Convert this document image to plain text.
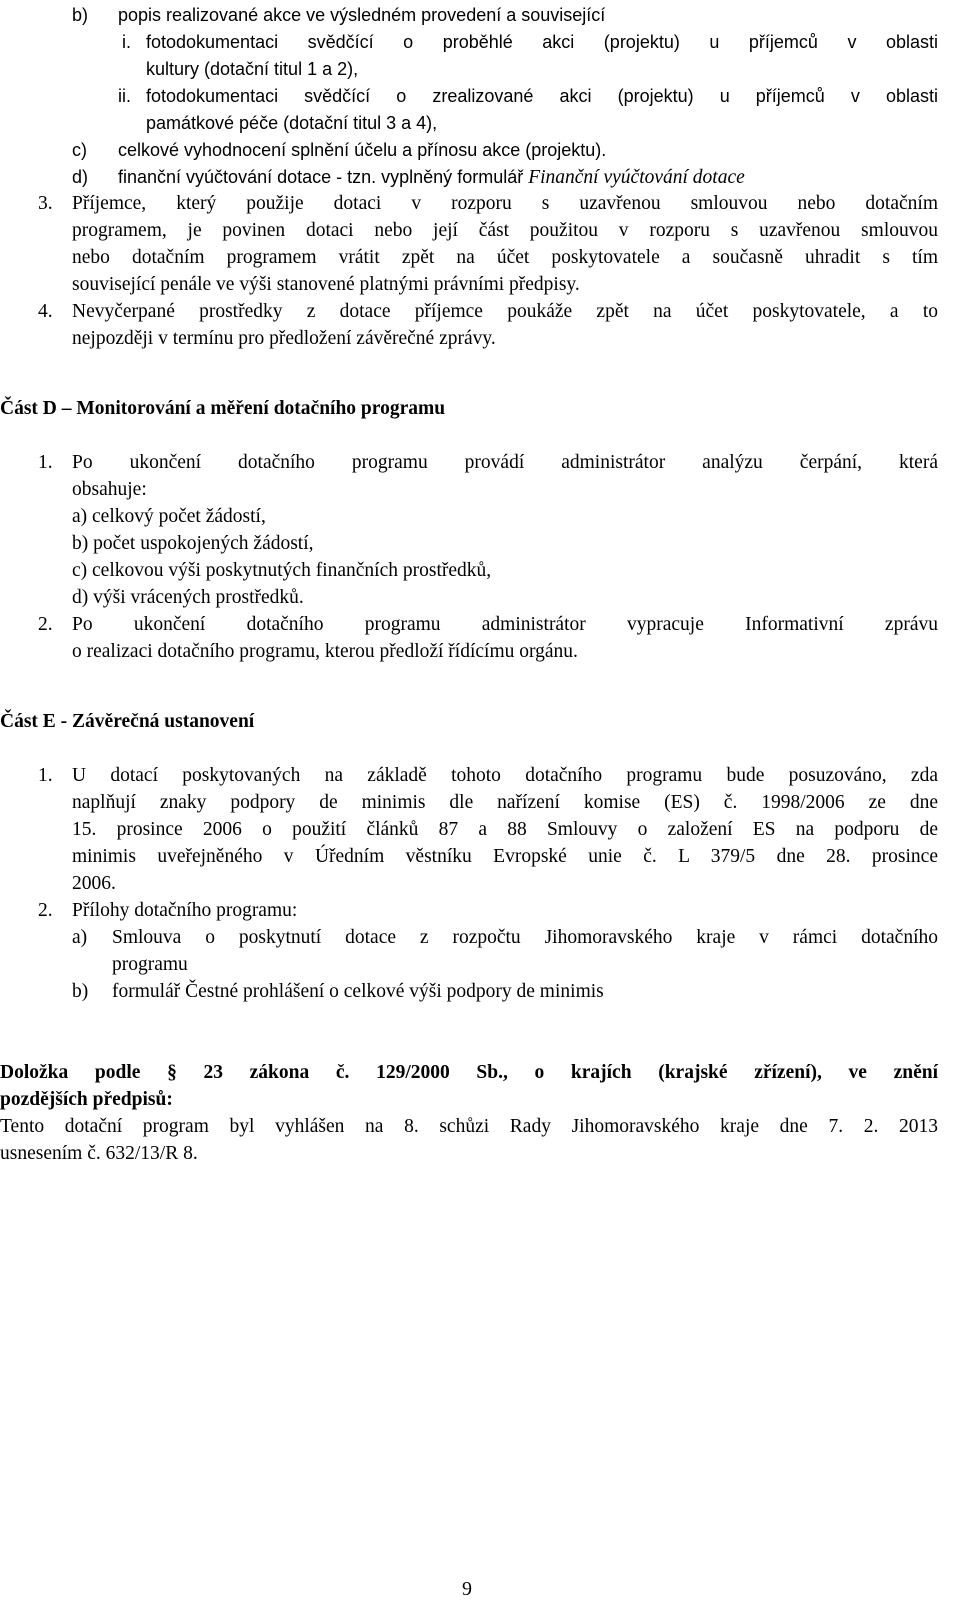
b) popis realizované akce ve výsledném provedení a související
i. fotodokumentaci svědčící o proběhlé akci (projektu) u příjemců v oblasti
kultury (dotační titul 1 a 2),
ii. fotodokumentaci svědčící o zrealizované akci (projektu) u příjemců v oblasti
památkové péče (dotační titul 3 a 4),
c) celkové vyhodnocení splnění účelu a přínosu akce (projektu).
d) finanční vyúčtování dotace - tzn. vyplněný formulář Finanční vyúčtování dotace
3. Příjemce, který použije dotaci v rozporu s uzavřenou smlouvou nebo dotačním
programem, je povinen dotaci nebo její část použitou v rozporu s uzavřenou smlouvou
nebo dotačním programem vrátit zpět na účet poskytovatele a současně uhradit s tím
související penále ve výši stanovené platnými právními předpisy.
4. Nevyčerpané prostředky z dotace příjemce poukáže zpět na účet poskytovatele, a to
nejpozději v termínu pro předložení závěrečné zprávy.
Část D – Monitorování a měření dotačního programu
1. Po ukončení dotačního programu provádí administrátor analýzu čerpání, která
obsahuje:
a) celkový počet žádostí,
b) počet uspokojených žádostí,
c) celkovou výši poskytnutých finančních prostředků,
d) výši vrácených prostředků.
2. Po ukončení dotačního programu administrátor vypracuje Informativní zprávu
o realizaci dotačního programu, kterou předloží řídícímu orgánu.
Část E - Závěrečná ustanovení
1. U dotací poskytovaných na základě tohoto dotačního programu bude posuzováno, zda
naplňují znaky podpory de minimis dle nařízení komise (ES) č. 1998/2006 ze dne
15. prosince 2006 o použití článků 87 a 88 Smlouvy o založení ES na podporu de
minimis uveřejněného v Úředním věstníku Evropské unie č. L 379/5 dne 28. prosince
2006.
2. Přílohy dotačního programu:
a) Smlouva o poskytnutí dotace z rozpočtu Jihomoravského kraje v rámci dotačního
programu
b) formulář Čestné prohlášení o celkové výši podpory de minimis
Doložka podle § 23 zákona č. 129/2000 Sb., o krajích (krajské zřízení), ve znění
pozdějších předpisů:
Tento dotační program byl vyhlášen na 8. schůzi Rady Jihomoravského kraje dne 7. 2. 2013
usnesením č. 632/13/R 8.
9
